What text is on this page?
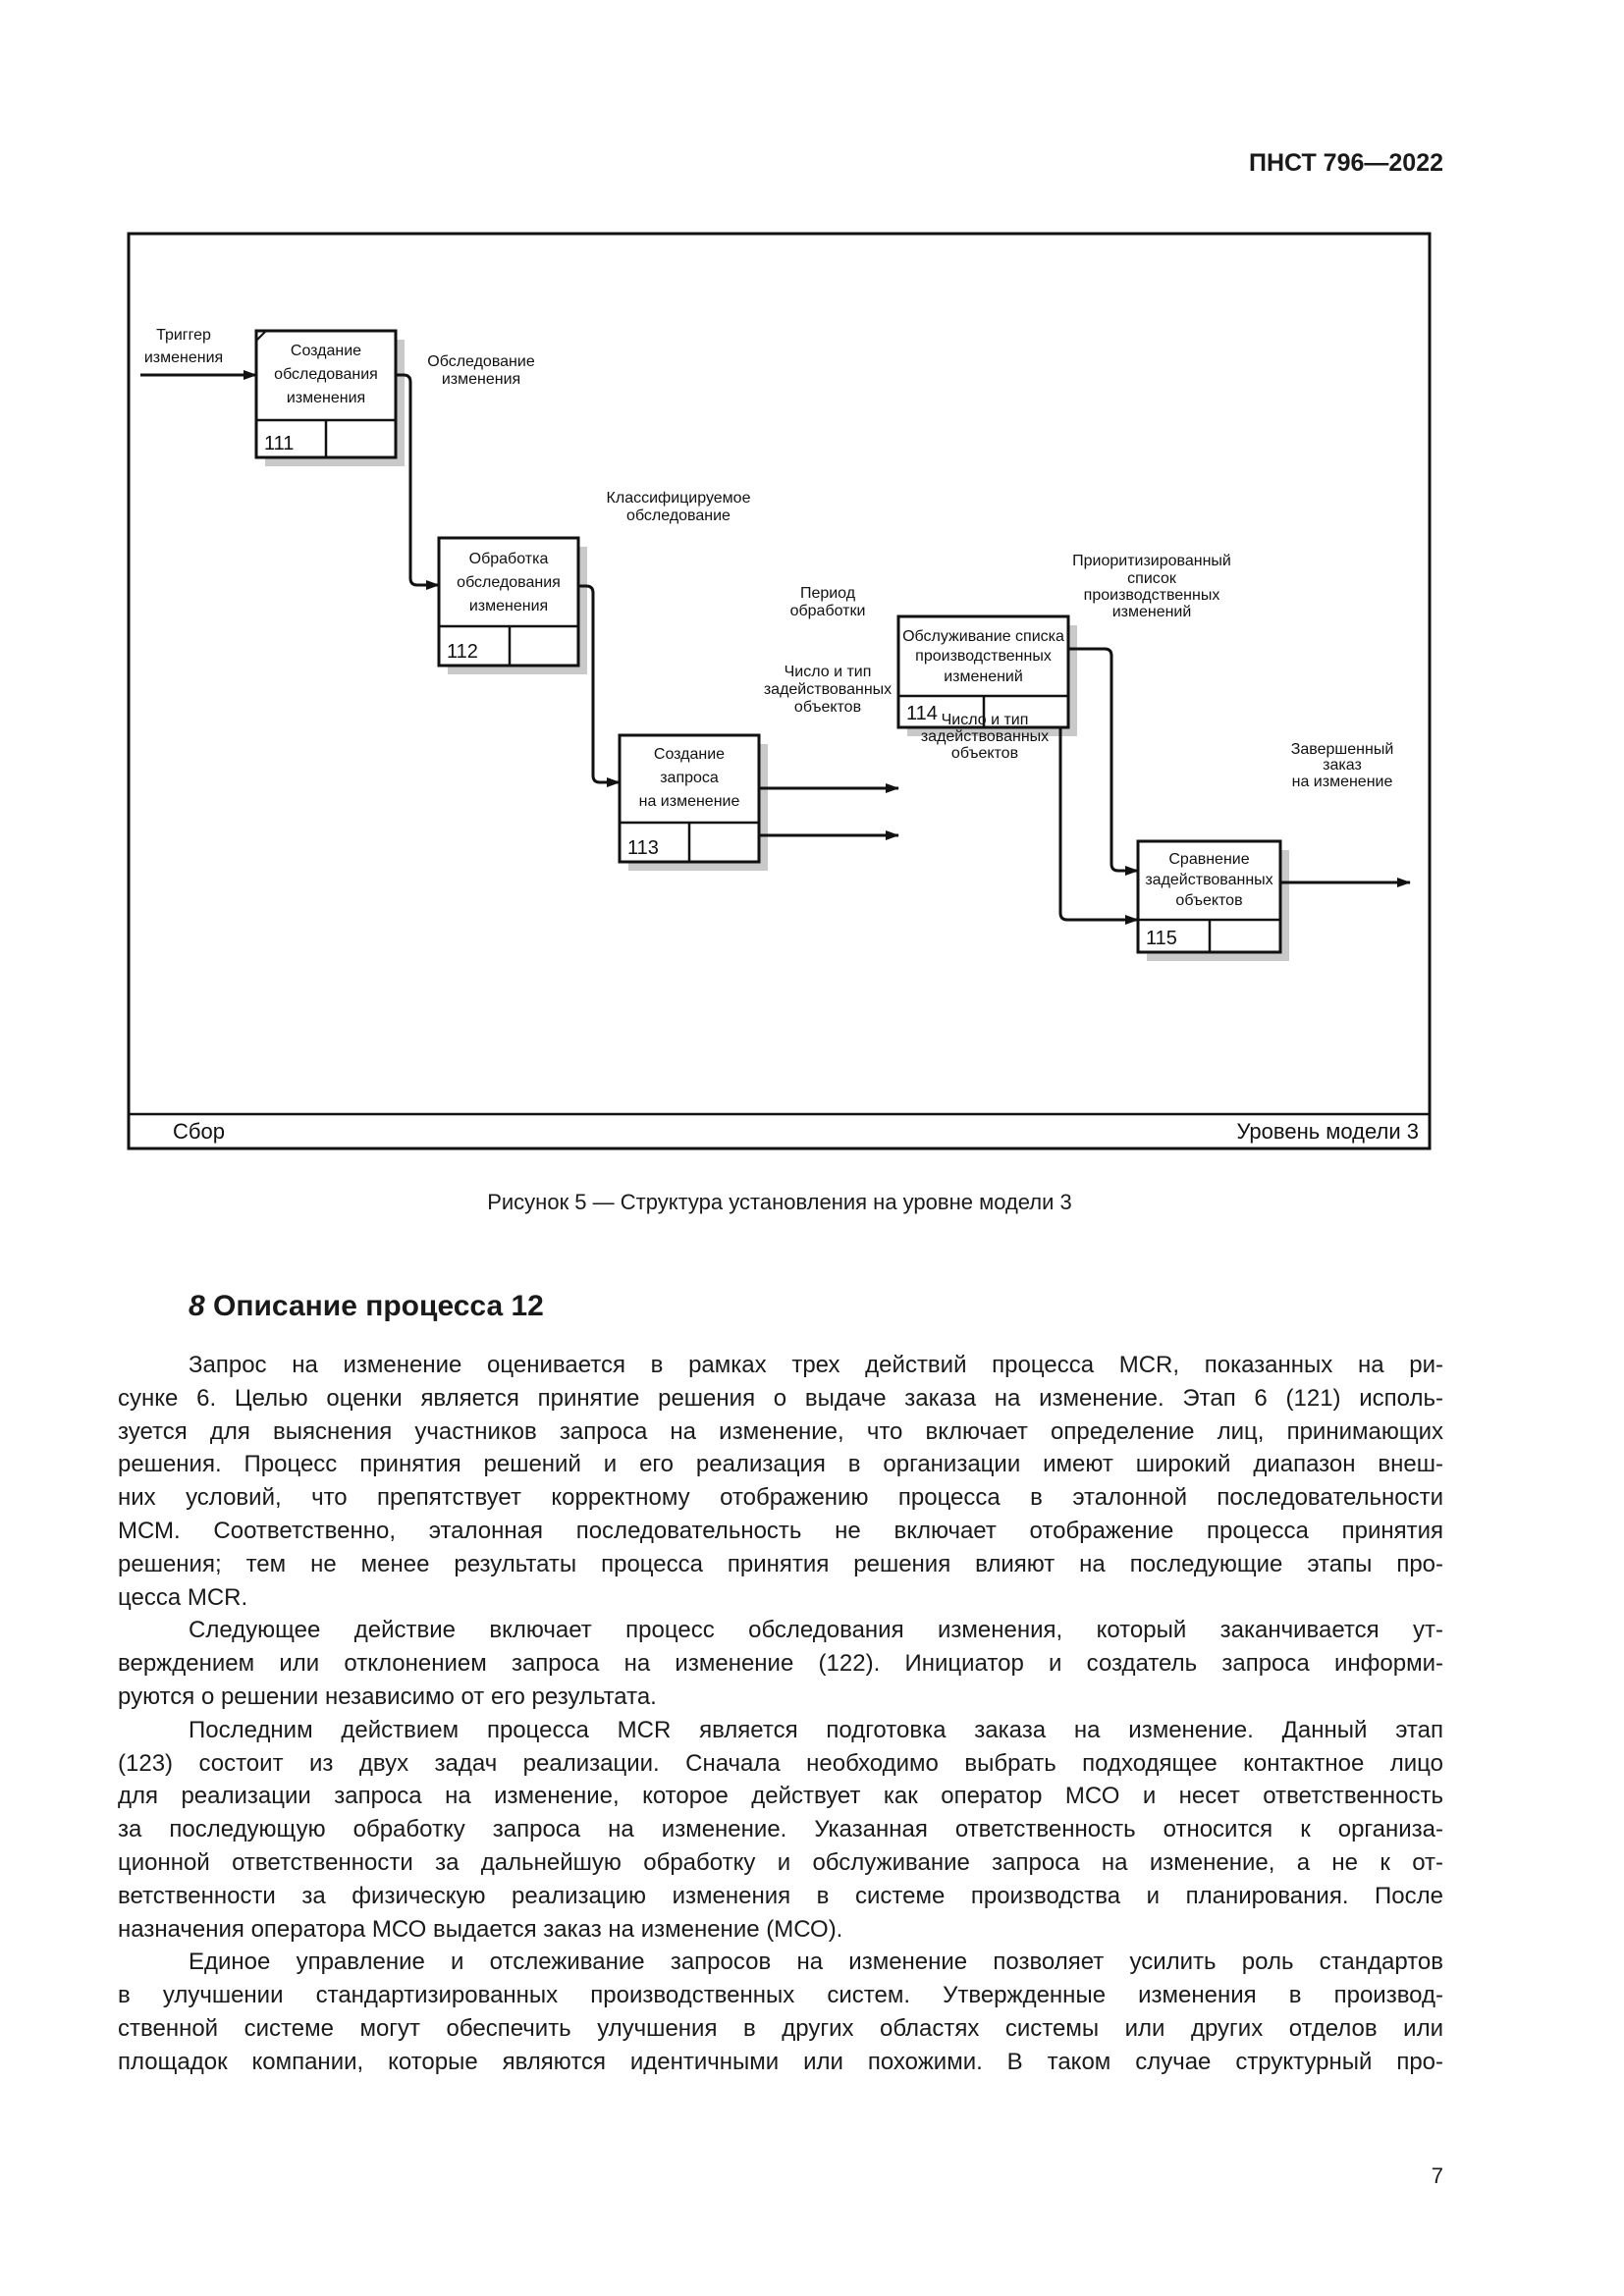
ПНСТ 796—2022
Сбор	Уровень модели 3
Создание
обследования
изменения
111
Обработка
обследования
изменения
112
Создание
запроса
на изменение
113
Обслуживание списка
производственных
изменений
114
Сравнение
задействованных
объектов
115
Триггер
изменения	Обследование
изменения
Классифицируемое
обследование
Период
обработки
Число и тип
задействованных
объектов
Приоритизированный
список
производственных
изменений
Число и тип
задействованных
объектов	Завершенный
заказ
на изменение
Рисунок 5 — Структура установления на уровне модели 3
8 Описание процесса 12
Запрос на изменение оценивается в рамках трех действий процесса MCR, показанных на ри-
сунке 6. Целью оценки является принятие решения о выдаче заказа на изменение. Этап 6 (121) исполь-
зуется для выяснения участников запроса на изменение, что включает определение лиц, принимающих
решения. Процесс принятия решений и его реализация в организации имеют широкий диапазон внеш-
них условий, что препятствует корректному отображению процесса в эталонной последовательности
МСМ. Соответственно, эталонная последовательность не включает отображение процесса принятия
решения; тем не менее результаты процесса принятия решения влияют на последующие этапы про-
цесса MCR.
Следующее действие включает процесс обследования изменения, который заканчивается ут-
верждением или отклонением запроса на изменение (122). Инициатор и создатель запроса информи-
руются о решении независимо от его результата.
Последним действием процесса MCR является подготовка заказа на изменение. Данный этап
(123) состоит из двух задач реализации. Сначала необходимо выбрать подходящее контактное лицо
для реализации запроса на изменение, которое действует как оператор МСО и несет ответственность
за последующую обработку запроса на изменение. Указанная ответственность относится к организа-
ционной ответственности за дальнейшую обработку и обслуживание запроса на изменение, а не к от-
ветственности за физическую реализацию изменения в системе производства и планирования. После
назначения оператора МСО выдается заказ на изменение (МСО).
Единое управление и отслеживание запросов на изменение позволяет усилить роль стандартов
в улучшении стандартизированных производственных систем. Утвержденные изменения в производ-
ственной системе могут обеспечить улучшения в других областях системы или других отделов или
площадок компании, которые являются идентичными или похожими. В таком случае структурный про-
7
